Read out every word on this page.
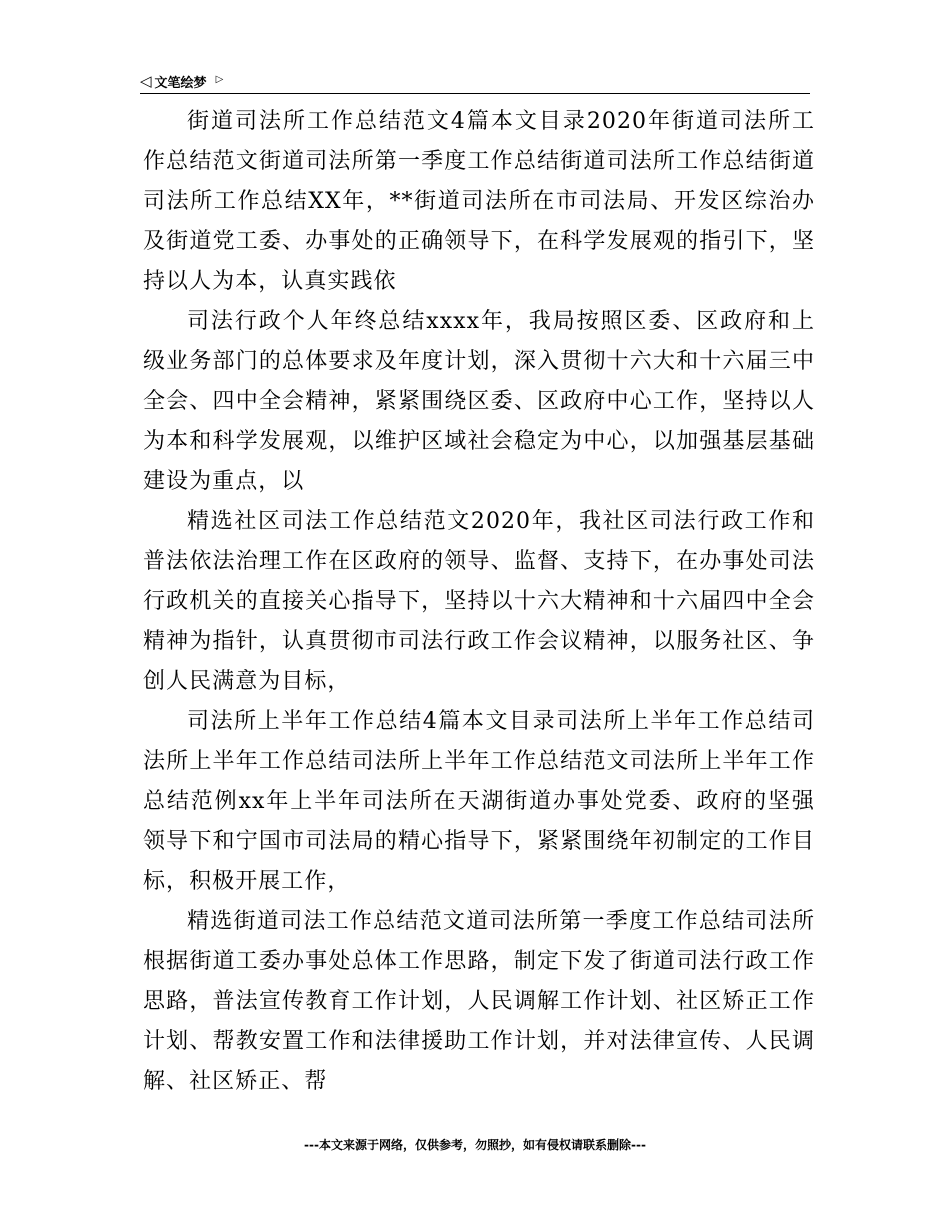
◁ 文笔绘梦 ▷

街道司法所工作总结范文4篇本文目录2020年街道司法所工作总结范文街道司法所第一季度工作总结街道司法所工作总结街道司法所工作总结XX年，**街道司法所在市司法局、开发区综治办及街道党工委、办事处的正确领导下，在科学发展观的指引下，坚持以人为本，认真实践依

司法行政个人年终总结xxxx年，我局按照区委、区政府和上级业务部门的总体要求及年度计划，深入贯彻十六大和十六届三中全会、四中全会精神，紧紧围绕区委、区政府中心工作，坚持以人为本和科学发展观，以维护区域社会稳定为中心，以加强基层基础建设为重点，以

精选社区司法工作总结范文2020年，我社区司法行政工作和普法依法治理工作在区政府的领导、监督、支持下，在办事处司法行政机关的直接关心指导下，坚持以十六大精神和十六届四中全会精神为指针，认真贯彻市司法行政工作会议精神，以服务社区、争创人民满意为目标，

司法所上半年工作总结4篇本文目录司法所上半年工作总结司法所上半年工作总结司法所上半年工作总结范文司法所上半年工作总结范例xx年上半年司法所在天湖街道办事处党委、政府的坚强领导下和宁国市司法局的精心指导下，紧紧围绕年初制定的工作目标，积极开展工作，

精选街道司法工作总结范文道司法所第一季度工作总结司法所根据街道工委办事处总体工作思路，制定下发了街道司法行政工作思路，普法宣传教育工作计划，人民调解工作计划、社区矫正工作计划、帮教安置工作和法律援助工作计划，并对法律宣传、人民调解、社区矫正、帮

---本文来源于网络，仅供参考，勿照抄，如有侵权请联系删除---
